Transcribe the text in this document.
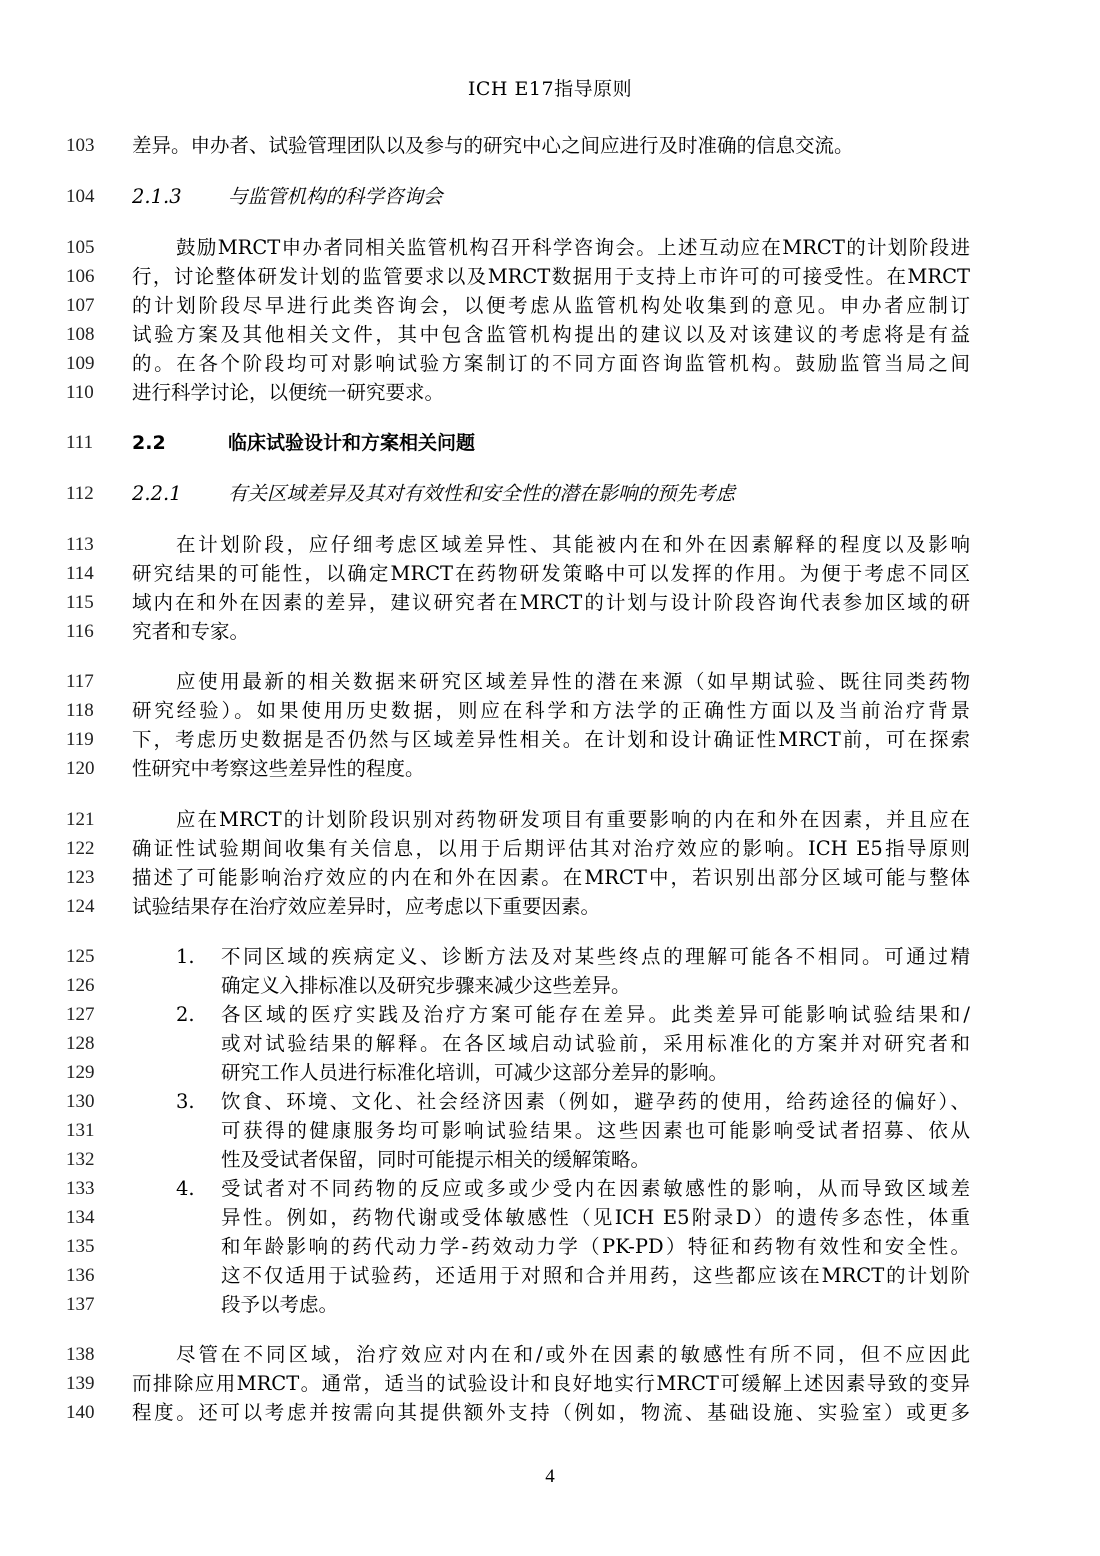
ICH E17指导原则
103	差异。申办者、试验管理团队以及参与的研究中心之间应进行及时准确的信息交流。
104	2.1.3	与监管机构的科学咨询会
105	鼓励MRCT申办者同相关监管机构召开科学咨询会。上述互动应在MRCT的计划阶段进
106	行，讨论整体研发计划的监管要求以及MRCT数据用于支持上市许可的可接受性。在MRCT
107	的计划阶段尽早进行此类咨询会，以便考虑从监管机构处收集到的意见。申办者应制订
108	试验方案及其他相关文件，其中包含监管机构提出的建议以及对该建议的考虑将是有益
109	的。在各个阶段均可对影响试验方案制订的不同方面咨询监管机构。鼓励监管当局之间
110	进行科学讨论，以便统一研究要求。
111	2.2	临床试验设计和方案相关问题
112	2.2.1	有关区域差异及其对有效性和安全性的潜在影响的预先考虑
113	在计划阶段，应仔细考虑区域差异性、其能被内在和外在因素解释的程度以及影响
114	研究结果的可能性，以确定MRCT在药物研发策略中可以发挥的作用。为便于考虑不同区
115	域内在和外在因素的差异，建议研究者在MRCT的计划与设计阶段咨询代表参加区域的研
116	究者和专家。
117	应使用最新的相关数据来研究区域差异性的潜在来源（如早期试验、既往同类药物
118	研究经验）。如果使用历史数据，则应在科学和方法学的正确性方面以及当前治疗背景
119	下，考虑历史数据是否仍然与区域差异性相关。在计划和设计确证性MRCT前，可在探索
120	性研究中考察这些差异性的程度。
121	应在MRCT的计划阶段识别对药物研发项目有重要影响的内在和外在因素，并且应在
122	确证性试验期间收集有关信息，以用于后期评估其对治疗效应的影响。ICH E5指导原则
123	描述了可能影响治疗效应的内在和外在因素。在MRCT中，若识别出部分区域可能与整体
124	试验结果存在治疗效应差异时，应考虑以下重要因素。
125	1.	不同区域的疾病定义、诊断方法及对某些终点的理解可能各不相同。可通过精
126	确定义入排标准以及研究步骤来减少这些差异。
127	2.	各区域的医疗实践及治疗方案可能存在差异。此类差异可能影响试验结果和/
128	或对试验结果的解释。在各区域启动试验前，采用标准化的方案并对研究者和
129	研究工作人员进行标准化培训，可减少这部分差异的影响。
130	3.	饮食、环境、文化、社会经济因素（例如，避孕药的使用，给药途径的偏好）、
131	可获得的健康服务均可影响试验结果。这些因素也可能影响受试者招募、依从
132	性及受试者保留，同时可能提示相关的缓解策略。
133	4.	受试者对不同药物的反应或多或少受内在因素敏感性的影响，从而导致区域差
134	异性。例如，药物代谢或受体敏感性（见ICH E5附录D）的遗传多态性，体重
135	和年龄影响的药代动力学-药效动力学（PK-PD）特征和药物有效性和安全性。
136	这不仅适用于试验药，还适用于对照和合并用药，这些都应该在MRCT的计划阶
137	段予以考虑。
138	尽管在不同区域，治疗效应对内在和/或外在因素的敏感性有所不同，但不应因此
139	而排除应用MRCT。通常，适当的试验设计和良好地实行MRCT可缓解上述因素导致的变异
140	程度。还可以考虑并按需向其提供额外支持（例如，物流、基础设施、实验室）或更多
4
